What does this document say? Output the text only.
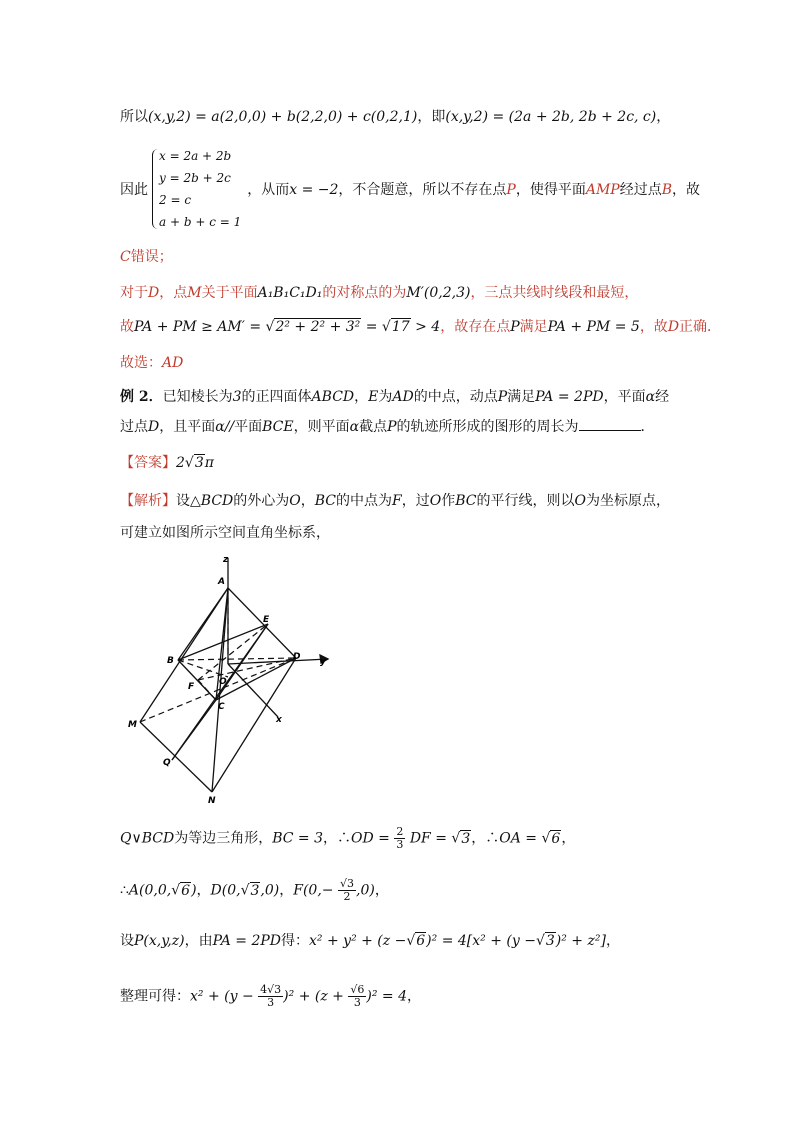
所以(x,y,2) = a(2,0,0) + b(2,2,0) + c(0,2,1)，即(x,y,2) = (2a + 2b, 2b + 2c, c)，
因此
x = 2a + 2b
y = 2b + 2c
2 = c
a + b + c = 1
，从而x = −2，不合题意，所以不存在点P，使得平面AMP经过点B，故
C错误；
对于D，点M关于平面A₁B₁C₁D₁的对称点的为M′(0,2,3)，三点共线时线段和最短，
故PA + PM ≥ AM′ = √2² + 2² + 3² = √17 > 4，故存在点P满足PA + PM = 5，故D正确．
故选：AD
例 2．已知棱长为3的正四面体ABCD，E为AD的中点，动点P满足PA = 2PD，平面α经
过点D，且平面α//平面BCE，则平面α截点P的轨迹所形成的图形的周长为	．
【答案】2√3π
【解析】设△BCD的外心为O，BC的中点为F，过O作BC的平行线，则以O为坐标原点，
可建立如图所示空间直角坐标系，
A
z
E
B	D y
F	O
C
x
M
Q
N
Q∨BCD为等边三角形，BC = 3，∴OD = $\frac{2}{3}$ DF = √3，∴OA = √6，
∴A(0,0,√6)，D(0,√3,0)，$F(0,- \frac{√3}{2} ,0)$，
设P(x,y,z)，由PA = 2PD得：x² + y² + (z −√6)² = 4[x² + (y −√3)² + z²]，
整理可得：$x^2 + (y - \frac{4√3}{3} )^2 + (z + \frac{√6}{3} )^2 = 4$，
